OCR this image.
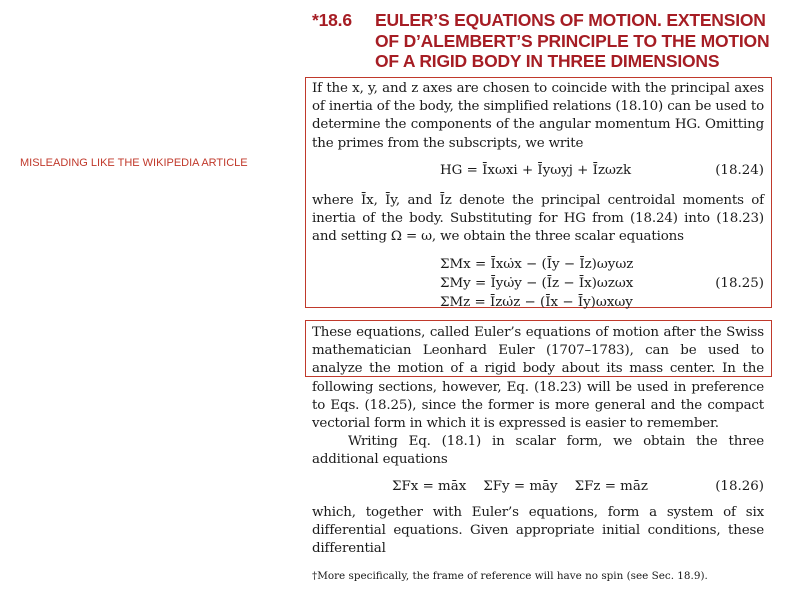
MISLEADING LIKE THE WIKIPEDIA ARTICLE
*18.6 EULER’S EQUATIONS OF MOTION. EXTENSION
OF D’ALEMBERT’S PRINCIPLE TO THE MOTION
OF A RIGID BODY IN THREE DIMENSIONS

If the x, y, and z axes are chosen to coincide with the principal axes of inertia of the body, the simplified relations (18.10) can be used to determine the components of the angular momentum HG. Omitting the primes from the subscripts, we write

HG = Īxωxi + Īyωyj + Īzωzk	(18.24)

where Īx, Īy, and Īz denote the principal centroidal moments of inertia of the body. Substituting for HG from (18.24) into (18.23) and setting Ω = ω, we obtain the three scalar equations

ΣMx = Īxω̇x − (Īy − Īz)ωyωz
ΣMy = Īyω̇y − (Īz − Īx)ωzωx	(18.25)
ΣMz = Īzω̇z − (Īx − Īy)ωxωy

These equations, called Euler’s equations of motion after the Swiss mathematician Leonhard Euler (1707–1783), can be used to analyze the motion of a rigid body about its mass center. In the following sections, however, Eq. (18.23) will be used in preference to Eqs. (18.25), since the former is more general and the compact vectorial form in which it is expressed is easier to remember.

Writing Eq. (18.1) in scalar form, we obtain the three additional equations

ΣFx = māx    ΣFy = māy    ΣFz = māz	(18.26)

which, together with Euler’s equations, form a system of six differential equations. Given appropriate initial conditions, these differential

†More specifically, the frame of reference will have no spin (see Sec. 18.9).
